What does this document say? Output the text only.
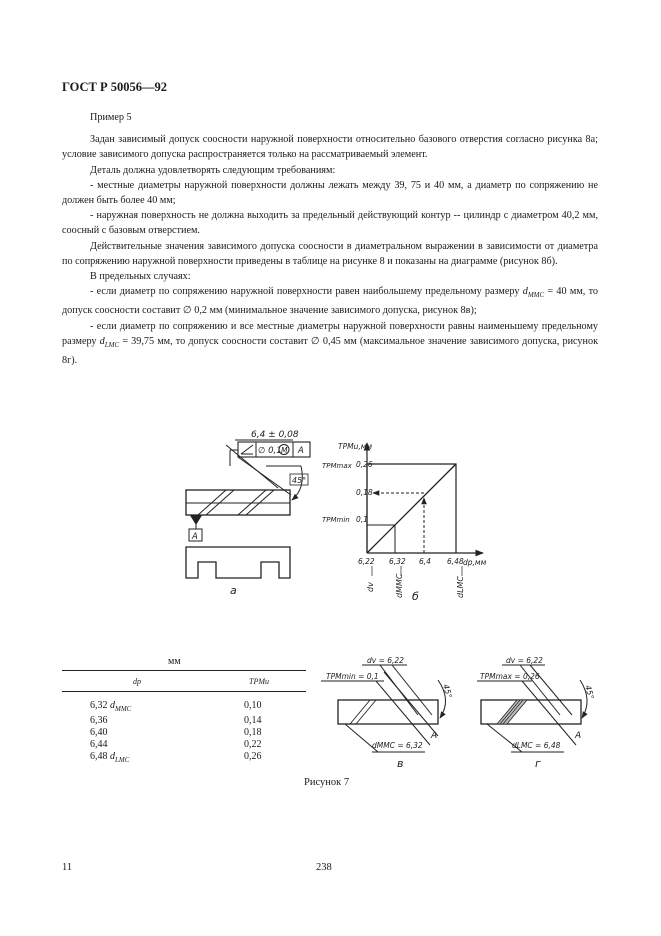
ГОСТ Р 50056—92

Пример 5

Задан зависимый допуск соосности наружной поверхности относительно базового отверстия согласно рисунка 8а; условие зависимого допуска распространяется только на рассматриваемый элемент.

Деталь должна удовлетворять следующим требованиям:

- местные диаметры наружной поверхности должны лежать между 39, 75 и 40 мм, а диаметр по сопряжению не должен быть более 40 мм;

- наружная поверхность не должна выходить за предельный действующий контур -- цилиндр с диаметром 40,2 мм, соосный с базовым отверстием.

Действительные значения зависимого допуска соосности в диаметральном выражении в зависимости от диаметра по сопряжению наружной поверхности приведены в таблице на рисунке 8 и показаны на диаграмме (рисунок 8б).

В предельных случаях:

- если диаметр по сопряжению наружной поверхности равен наибольшему предельному размеру $d_{MMC} = 40$ мм, то допуск соосности составит ∅ 0,2 мм (минимальное значение зависимого допуска, рисунок 8в);

- если диаметр по сопряжению и все местные диаметры наружной поверхности равны наименьшему предельному размеру $d_{LMC} = 39,75$ мм, то допуск соосности составит ∅ 0,45 мм (максимальное значение зависимого допуска, рисунок 8г).

6,4 ± 0,08
∅ 0,1 M A
45°
A
а
TPMu,мм
dp,мм
0,26
0,18
0,1
TPMmax
TPMmin
6,22 6,32 6,4 6,48
dv	dMMC	dLMC
б
dv = 6,22
TPMmin = 0,1
dMMC = 6,32
45°
A
в
dv = 6,22
TPMmax = 0,26
dLMC = 6,48
45°
A
г
мм
dp	TPMu
6,32 $d_{MMC}$	0,10
6,36	0,14
6,40	0,18
6,44	0,22
6,48 $d_{LMC}$	0,26
Рисунок 7
11	238
